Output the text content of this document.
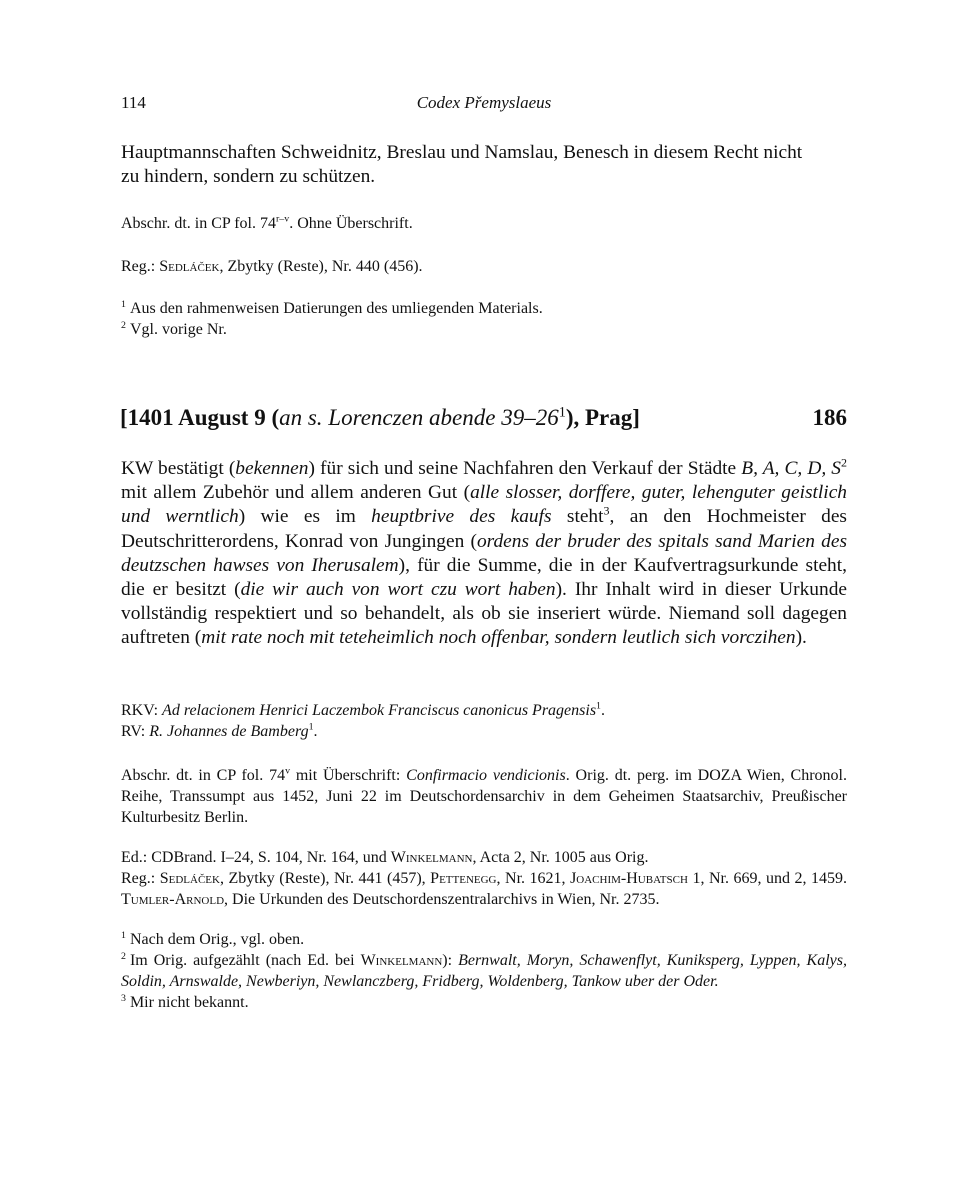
114	Codex Přemyslaeus
Hauptmannschaften Schweidnitz, Breslau und Namslau, Benesch in diesem Recht nicht
zu hindern, sondern zu schützen.
Abschr. dt. in CP fol. 74$^{r-v}$. Ohne Überschrift.
Reg.: Sedláček, Zbytky (Reste), Nr. 440 (456).

$^1$ Aus den rahmenweisen Datierungen des umliegenden Materials.

$^2$ Vgl. vorige Nr.

[1401 August 9 (an s. Lorenczen abende $39-26^1$), Prag]	186
KW bestätigt (bekennen) für sich und seine Nachfahren den Verkauf der Städte B, A, C, D, $S^2$ mit allem Zubehör und allem anderen Gut (alle slosser, dorffere, guter, lehenguter geistlich und werntlich) wie es im heuptbrive des kaufs steht$^3$, an den Hochmeister des Deutschritterordens, Konrad von Jungingen (ordens der bruder des spitals sand Marien des deutzschen hawses von Iherusalem), für die Summe, die in der Kaufvertragsurkunde steht, die er besitzt (die wir auch von wort czu wort haben). Ihr Inhalt wird in dieser Urkunde vollständig respektiert und so behandelt, als ob sie inseriert würde. Niemand soll dagegen auftreten (mit rate noch mit teteheimlich noch offenbar, sondern leutlich sich vorczihen).

RKV: Ad relacionem Henrici Laczembok Franciscus canonicus Pragensis$^1$.

RV: R. Johannes de Bamberg$^1$.

Abschr. dt. in CP fol. 74$^v$ mit Überschrift: Confirmacio vendicionis. Orig. dt. perg. im DOZA Wien, Chronol. Reihe, Transsumpt aus 1452, Juni 22 im Deutschordensarchiv in dem Geheimen Staatsarchiv, Preußischer Kulturbesitz Berlin.

Ed.: CDBrand. I–24, S. 104, Nr. 164, und Winkelmann, Acta 2, Nr. 1005 aus Orig.

Reg.: Sedláček, Zbytky (Reste), Nr. 441 (457), Pettenegg, Nr. 1621, Joachim-Hubatsch 1, Nr. 669, und 2, 1459. Tumler-Arnold, Die Urkunden des Deutschordenszentralarchivs in Wien, Nr. 2735.

$^1$ Nach dem Orig., vgl. oben.

$^2$ Im Orig. aufgezählt (nach Ed. bei Winkelmann): Bernwalt, Moryn, Schawenflyt, Kuniksperg, Lyppen, Kalys, Soldin, Arnswalde, Newberiyn, Newlanczberg, Fridberg, Woldenberg, Tankow uber der Oder.

$^3$ Mir nicht bekannt.
